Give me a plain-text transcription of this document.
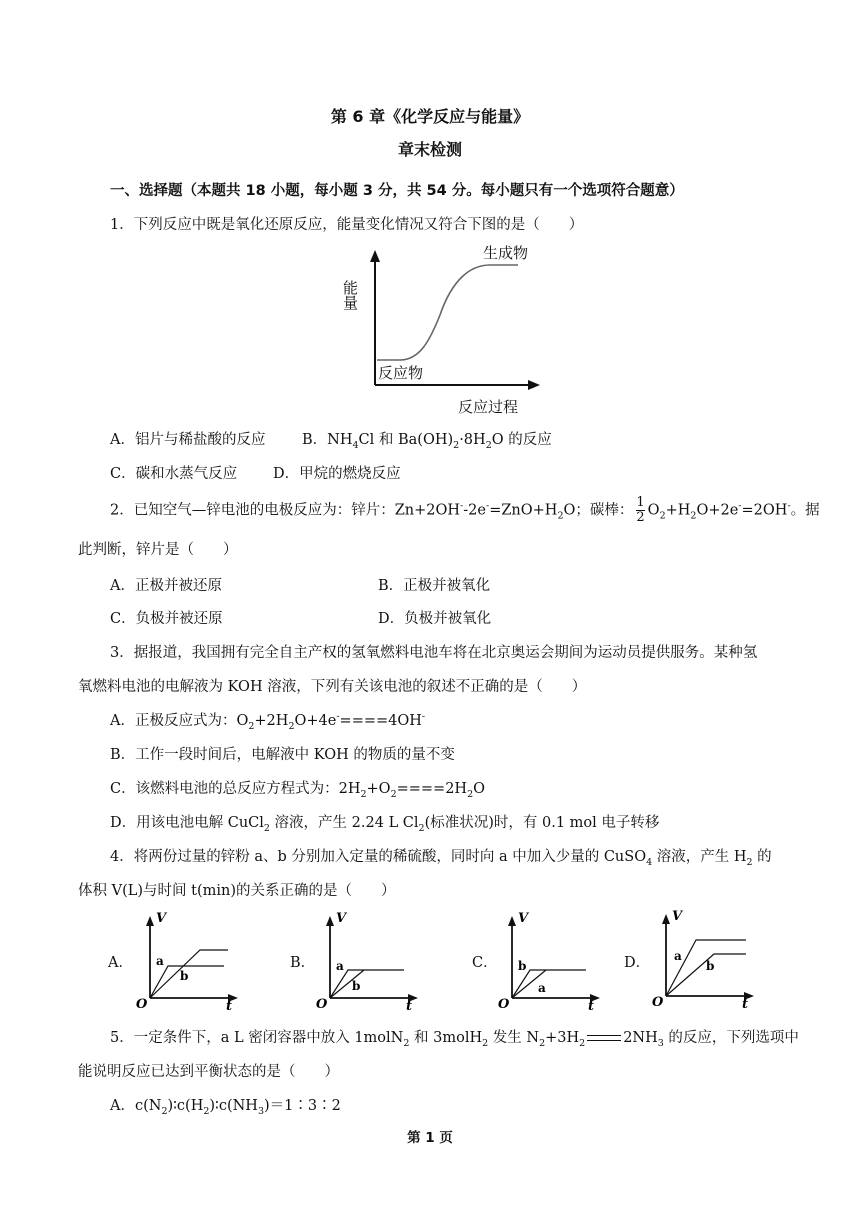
第 6 章《化学反应与能量》
章末检测
一、选择题（本题共 18 小题，每小题 3 分，共 54 分。每小题只有一个选项符合题意）
1．下列反应中既是氧化还原反应，能量变化情况又符合下图的是（　　）
生成物
反应物
反应过程
能量
A．铝片与稀盐酸的反应	B．$NH_4Cl$ 和 $Ba(OH)_2\cdot 8H_2O$ 的反应
C．碳和水蒸气反应 D．甲烷的燃烧反应
2．已知空气—锌电池的电极反应为：锌片：$Zn+2OH^--2e^-=ZnO+H_2O$；碳棒： $\frac{1}{2} O_2+H_2O+2e^-=2OH^-$。据
此判断，锌片是（　　）
A．正极并被还原	B．正极并被氧化
C．负极并被还原	D．负极并被氧化
3．据报道，我国拥有完全自主产权的氢氧燃料电池车将在北京奥运会期间为运动员提供服务。某种氢
氧燃料电池的电解液为 KOH 溶液，下列有关该电池的叙述不正确的是（　　）
A．正极反应式为：$O_2+2H_2O+4e^-====4OH^-$
B．工作一段时间后，电解液中 KOH 的物质的量不变
C．该燃料电池的总反应方程式为：$2H_2+O_2====2H_2O$
D．用该电池电解 CuCl$_2$ 溶液，产生 2.24 L $Cl_2$(标准状况)时，有 0.1 mol 电子转移
4．将两份过量的锌粉 a、b 分别加入定量的稀硫酸，同时向 a 中加入少量的 CuSO$_4$ 溶液，产生 $H_2$ 的
体积 V(L)与时间 t(min)的关系正确的是（　　）
A．
V
t
O
a
b
B．
V
t
O
a
b
C．
V
t
O
b
a
D．
V
t
O
a
b
5．一定条件下，a L 密闭容器中放入 1molN$_2$ 和 3molH$_2$ 发生 $N_2+3H_2$	$2NH_3$ 的反应，下列选项中
能说明反应已达到平衡状态的是（　　）
A．$c(N_2)∶c(H_2)∶c(NH_3)=1∶3∶2$
第 1 页
